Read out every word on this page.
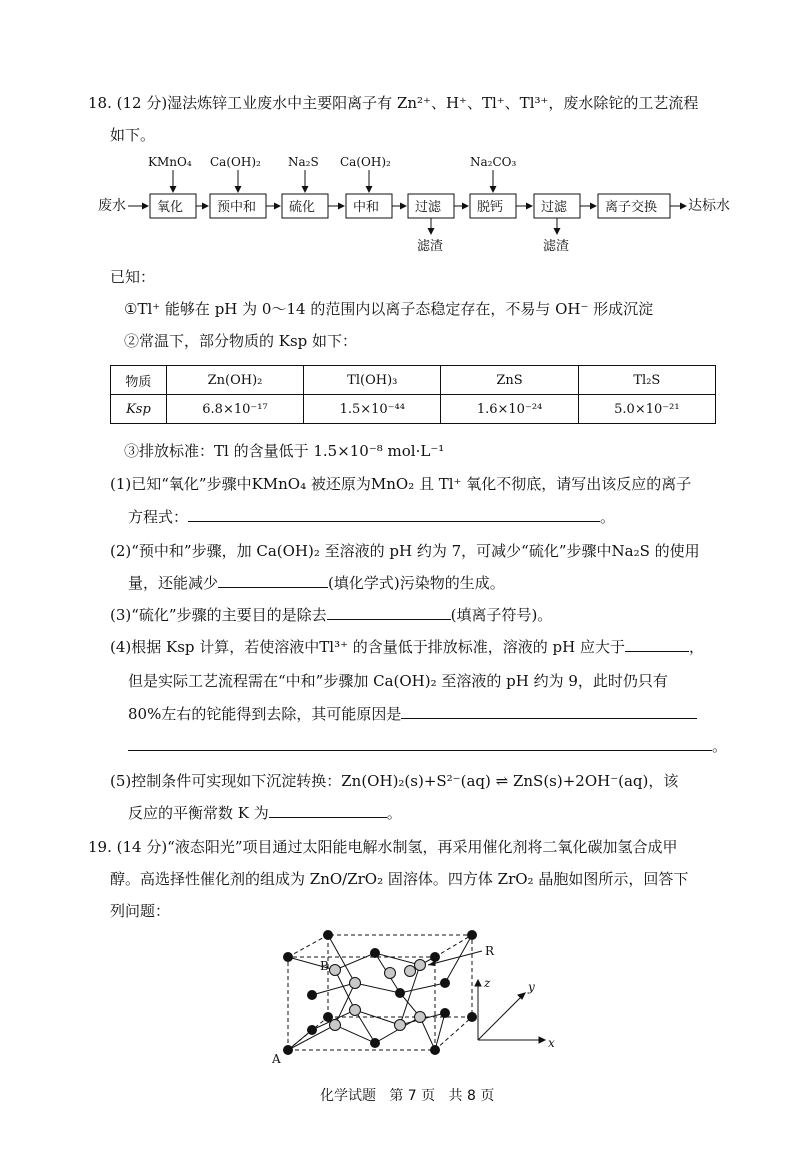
18. (12 分)湿法炼锌工业废水中主要阳离子有 Zn²⁺、H⁺、Tl⁺、Tl³⁺，废水除铊的工艺流程
如下。
废水 氧化	预中和	硫化	中和	过滤	脱钙	过滤	离子交换 达标水
KMnO₄ Ca(OH)₂ Na₂S Ca(OH)₂	Na₂CO₃
滤渣	滤渣
已知：
①Tl⁺ 能够在 pH 为 0～14 的范围内以离子态稳定存在，不易与 OH⁻ 形成沉淀
②常温下，部分物质的 Ksp 如下：
物质	Zn(OH)₂	Tl(OH)₃	ZnS	Tl₂S
Ksp	6.8×10⁻¹⁷	1.5×10⁻⁴⁴	1.6×10⁻²⁴	5.0×10⁻²¹
③排放标准：Tl 的含量低于 1.5×10⁻⁸ mol·L⁻¹
(1)已知“氧化”步骤中KMnO₄ 被还原为MnO₂ 且 Tl⁺ 氧化不彻底，请写出该反应的离子
方程式：	。
(2)“预中和”步骤，加 Ca(OH)₂ 至溶液的 pH 约为 7，可减少“硫化”步骤中Na₂S 的使用
量，还能减少	(填化学式)污染物的生成。
(3)“硫化”步骤的主要目的是除去	(填离子符号)。
(4)根据 Ksp 计算，若使溶液中Tl³⁺ 的含量低于排放标准，溶液的 pH 应大于	，
但是实际工艺流程需在“中和”步骤加 Ca(OH)₂ 至溶液的 pH 约为 9，此时仍只有
80%左右的铊能得到去除，其可能原因是
。
(5)控制条件可实现如下沉淀转换：Zn(OH)₂(s)+S²⁻(aq) ⇌ ZnS(s)+2OH⁻(aq)，该
反应的平衡常数 K 为	。
19. (14 分)“液态阳光”项目通过太阳能电解水制氢，再采用催化剂将二氧化碳加氢合成甲
醇。高选择性催化剂的组成为 ZnO/ZrO₂ 固溶体。四方体 ZrO₂ 晶胞如图所示，回答下
列问题：
A
B
R
x
y
z
化学试题 第 7 页 共 8 页
